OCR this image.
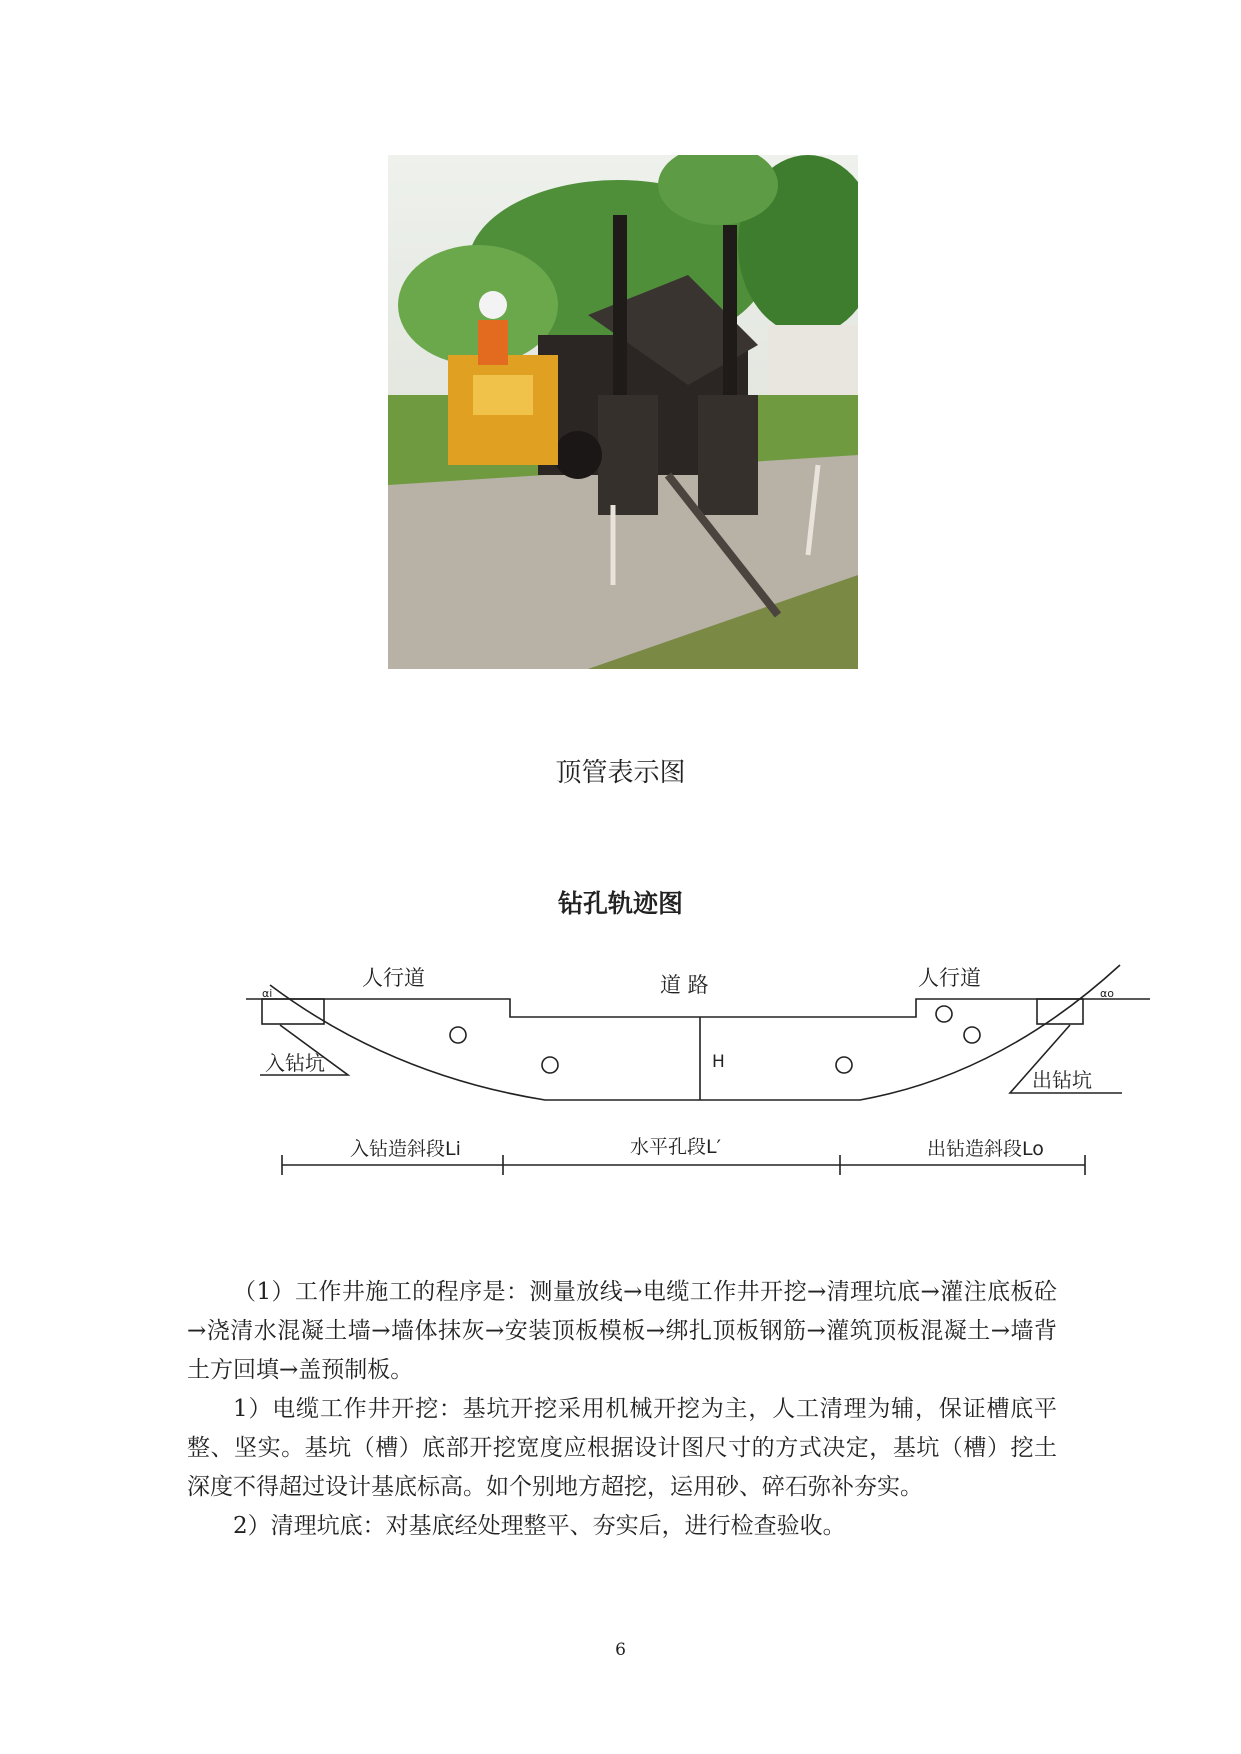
顶管表示图
钻孔轨迹图
人行道	道 路	人行道
αi	αo
入钻坑
出钻坑
H
入钻造斜段Li	水平孔段L′	出钻造斜段Lo

（1）工作井施工的程序是：测量放线→电缆工作井开挖→清理坑底→灌注底板砼→浇清水混凝土墙→墙体抹灰→安装顶板模板→绑扎顶板钢筋→灌筑顶板混凝土→墙背土方回填→盖预制板。

1）电缆工作井开挖：基坑开挖采用机械开挖为主，人工清理为辅，保证槽底平整、坚实。基坑（槽）底部开挖宽度应根据设计图尺寸的方式决定，基坑（槽）挖土深度不得超过设计基底标高。如个别地方超挖，运用砂、碎石弥补夯实。

2）清理坑底：对基底经处理整平、夯实后，进行检查验收。

6
